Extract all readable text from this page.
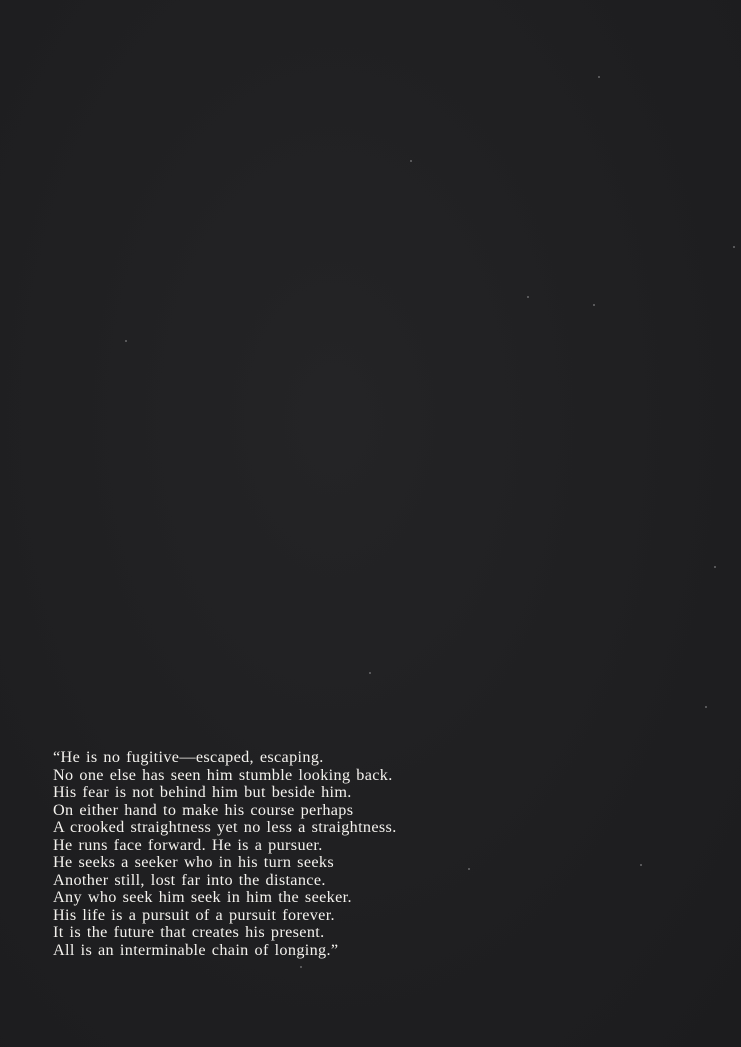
“He is no fugitive—escaped, escaping.
No one else has seen him stumble looking back.
His fear is not behind him but beside him.
On either hand to make his course perhaps
A crooked straightness yet no less a straightness.
He runs face forward. He is a pursuer.
He seeks a seeker who in his turn seeks
Another still, lost far into the distance.
Any who seek him seek in him the seeker.
His life is a pursuit of a pursuit forever.
It is the future that creates his present.
All is an interminable chain of longing.”
